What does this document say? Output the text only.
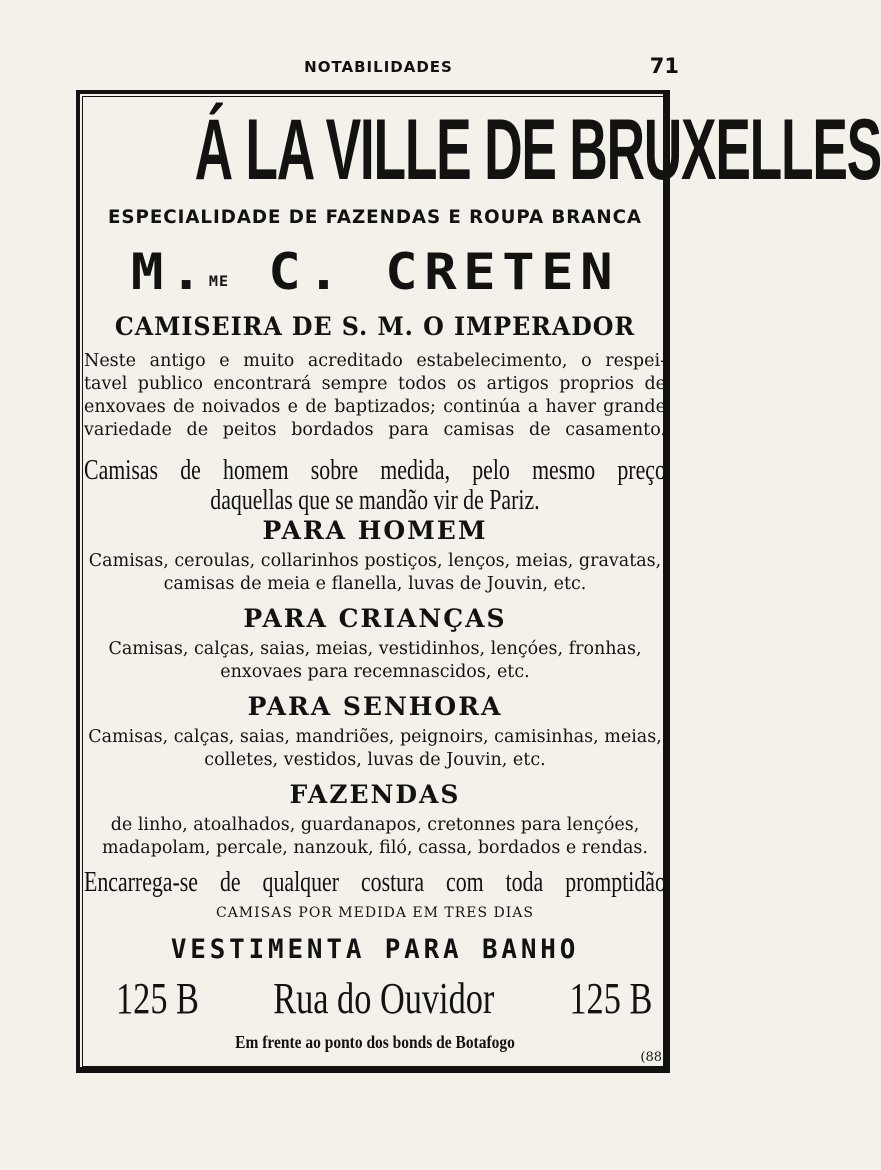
NOTABILIDADES	71
Á LA VILLE DE BRUXELLES
ESPECIALIDADE DE FAZENDAS E ROUPA BRANCA
M.$^{ME}$ C. CRETEN
CAMISEIRA DE S. M. O IMPERADOR
Neste antigo e muito acreditado estabelecimento, o respei-
tavel publico encontrará sempre todos os artigos proprios de
enxovaes de noivados e de baptizados; continúa a haver grande
variedade de peitos bordados para camisas de casamento.
Camisas de homem sobre medida, pelo mesmo preço
daquellas que se mandão vir de Pariz.
PARA HOMEM
Camisas, ceroulas, collarinhos postiços, lenços, meias, gravatas,
camisas de meia e flanella, luvas de Jouvin, etc.
PARA CRIANÇAS
Camisas, calças, saias, meias, vestidinhos, lençóes, fronhas,
enxovaes para recemnascidos, etc.
PARA SENHORA
Camisas, calças, saias, mandriões, peignoirs, camisinhas, meias,
colletes, vestidos, luvas de Jouvin, etc.
FAZENDAS
de linho, atoalhados, guardanapos, cretonnes para lençóes,
madapolam, percale, nanzouk, filó, cassa, bordados e rendas.
Encarrega-se de qualquer costura com toda promptidão
CAMISAS POR MEDIDA EM TRES DIAS
VESTIMENTA PARA BANHO
125 B Rua do Ouvidor 125 B
Em frente ao ponto dos bonds de Botafogo
(88
